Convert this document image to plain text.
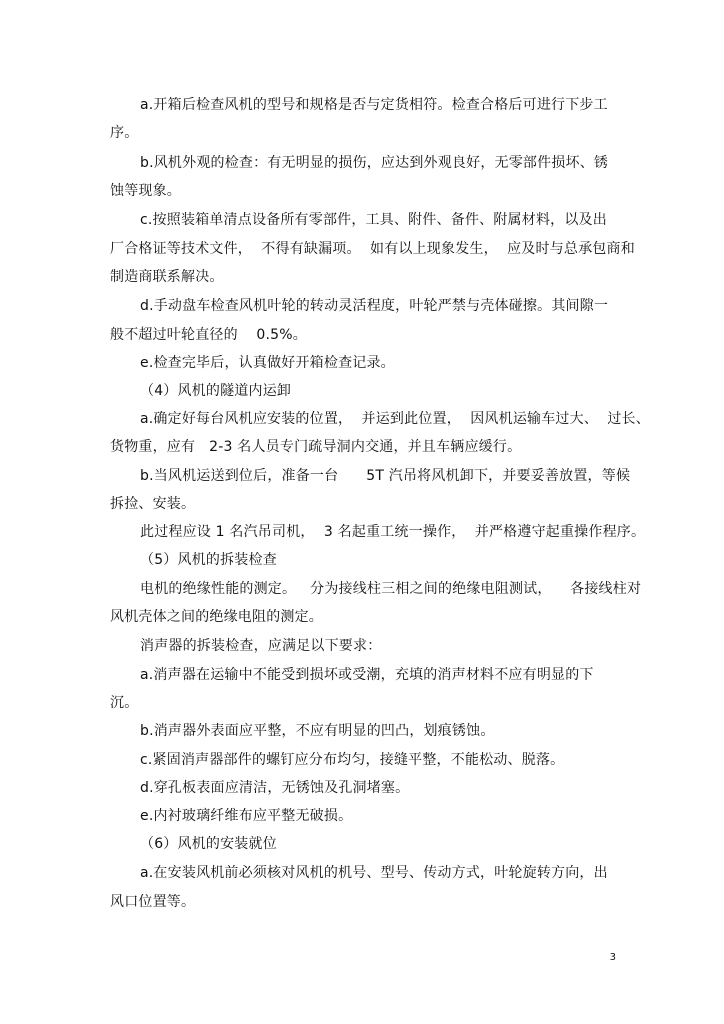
a.开箱后检查风机的型号和规格是否与定货相符。检查合格后可进行下步工
序。
b.风机外观的检查：有无明显的损伤，应达到外观良好，无零部件损坏、锈
蚀等现象。
c.按照装箱单清点设备所有零部件，工具、附件、备件、附属材料，以及出
厂合格证等技术文件，  不得有缺漏项。  如有以上现象发生，  应及时与总承包商和
制造商联系解决。
d.手动盘车检查风机叶轮的转动灵活程度，叶轮严禁与壳体碰擦。其间隙一
般不超过叶轮直径的    0.5%。
e.检查完毕后，认真做好开箱检查记录。
（4）风机的隧道内运卸
a.确定好每台风机应安装的位置，  并运到此位置，  因风机运输车过大、  过长、
货物重，应有   2-3 名人员专门疏导洞内交通，并且车辆应缓行。
b.当风机运送到位后，准备一台      5T 汽吊将风机卸下，并要妥善放置，等候
拆捡、安装。
此过程应设 1 名汽吊司机，  3 名起重工统一操作，  并严格遵守起重操作程序。
（5）风机的拆装检查
电机的绝缘性能的测定。   分为接线柱三相之间的绝缘电阻测试，    各接线柱对
风机壳体之间的绝缘电阻的测定。
消声器的拆装检查，应满足以下要求：
a.消声器在运输中不能受到损坏或受潮，充填的消声材料不应有明显的下
沉。
b.消声器外表面应平整，不应有明显的凹凸，划痕锈蚀。
c.紧固消声器部件的螺钉应分布均匀，接缝平整，不能松动、脱落。
d.穿孔板表面应清洁，无锈蚀及孔洞堵塞。
e.内衬玻璃纤维布应平整无破损。
（6）风机的安装就位
a.在安装风机前必须核对风机的机号、型号、传动方式，叶轮旋转方向，出
风口位置等。
3
